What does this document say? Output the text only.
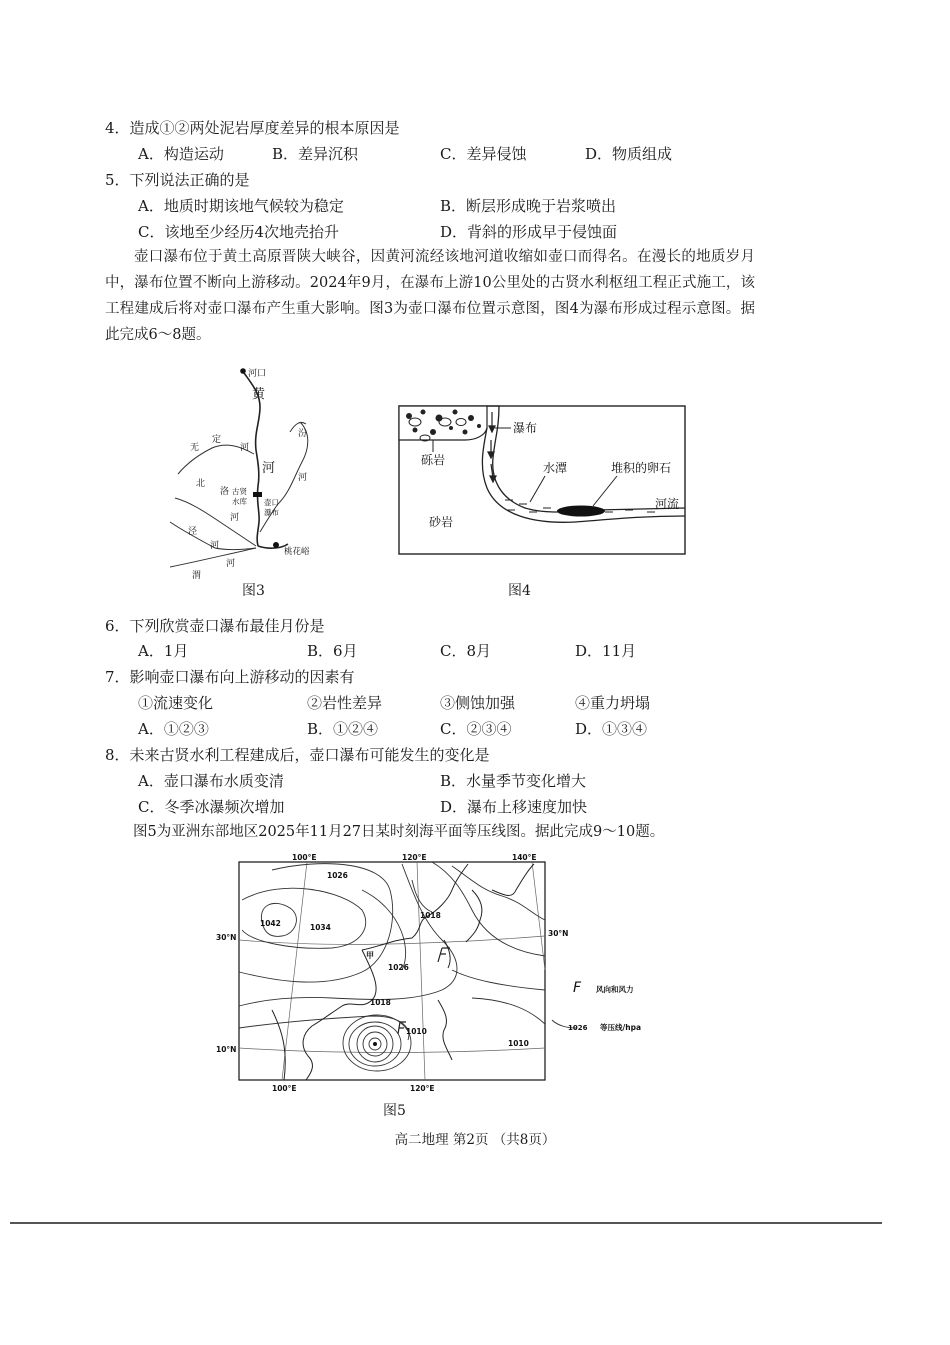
4．造成①②两处泥岩厚度差异的根本原因是
A．构造运动	B．差异沉积	C．差异侵蚀	D．物质组成
5．下列说法正确的是
A．地质时期该地气候较为稳定	B．断层形成晚于岩浆喷出
C．该地至少经历4次地壳抬升	D．背斜的形成早于侵蚀面
壶口瀑布位于黄土高原晋陕大峡谷，因黄河流经该地河道收缩如壶口而得名。在漫长的地质岁月中，瀑布位置不断向上游移动。2024年9月，在瀑布上游10公里处的古贤水利枢纽工程正式施工，该工程建成后将对壶口瀑布产生重大影响。图3为壶口瀑布位置示意图，图4为瀑布形成过程示意图。据此完成6～8题。
河口
黄
河
无
定
河
汾
河
北
洛
河
古贤
水库 壶口
瀑布
泾
河
渭
河
桃花峪
图3
瀑布
砾岩
水潭	堆积的卵石
河流
砂岩
图4
6．下列欣赏壶口瀑布最佳月份是
A．1月	B．6月	C．8月	D．11月
7．影响壶口瀑布向上游移动的因素有
①流速变化	②岩性差异	③侧蚀加强	④重力坍塌
A．①②③	B．①②④	C．②③④	D．①③④
8．未来古贤水利工程建成后，壶口瀑布可能发生的变化是
A．壶口瀑布水质变清	B．水量季节变化增大
C．冬季冰瀑频次增加	D．瀑布上移速度加快
图5为亚洲东部地区2025年11月27日某时刻海平面等压线图。据此完成9～10题。
100°E	120°E	140°E
100°E	120°E
30°N	30°N
10°N
1026
1042	1034
1018
1026
1018
1010
1010
甲
F 风向和风力
1026 等压线/hpa
图5
高二地理 第2页 （共8页）
